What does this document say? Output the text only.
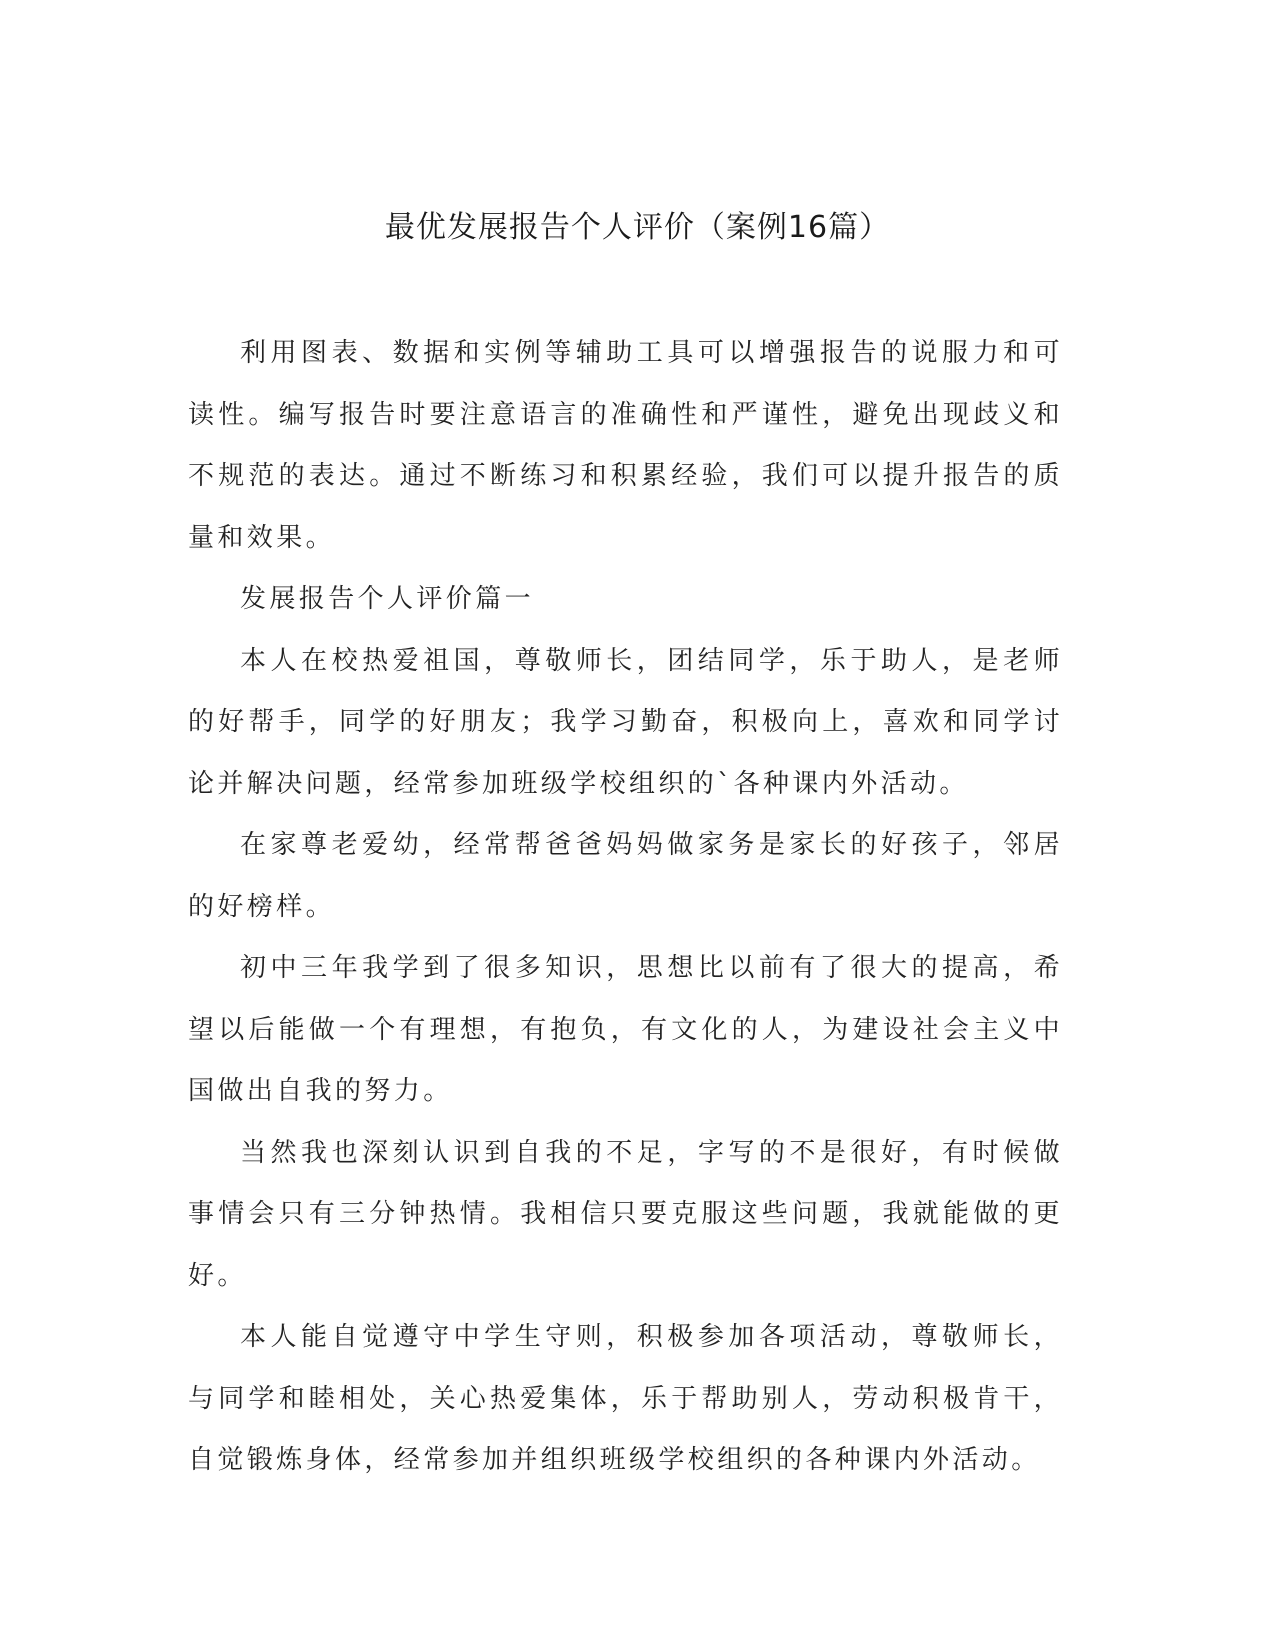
最优发展报告个人评价（案例16篇）

利用图表、数据和实例等辅助工具可以增强报告的说服力和可读性。编写报告时要注意语言的准确性和严谨性，避免出现歧义和不规范的表达。通过不断练习和积累经验，我们可以提升报告的质量和效果。

发展报告个人评价篇一

本人在校热爱祖国，尊敬师长，团结同学，乐于助人，是老师的好帮手，同学的好朋友；我学习勤奋，积极向上，喜欢和同学讨论并解决问题，经常参加班级学校组织的`各种课内外活动。

在家尊老爱幼，经常帮爸爸妈妈做家务是家长的好孩子，邻居的好榜样。

初中三年我学到了很多知识，思想比以前有了很大的提高，希望以后能做一个有理想，有抱负，有文化的人，为建设社会主义中国做出自我的努力。

当然我也深刻认识到自我的不足，字写的不是很好，有时候做事情会只有三分钟热情。我相信只要克服这些问题，我就能做的更好。

本人能自觉遵守中学生守则，积极参加各项活动，尊敬师长，与同学和睦相处，关心热爱集体，乐于帮助别人，劳动积极肯干，自觉锻炼身体，经常参加并组织班级学校组织的各种课内外活动。
